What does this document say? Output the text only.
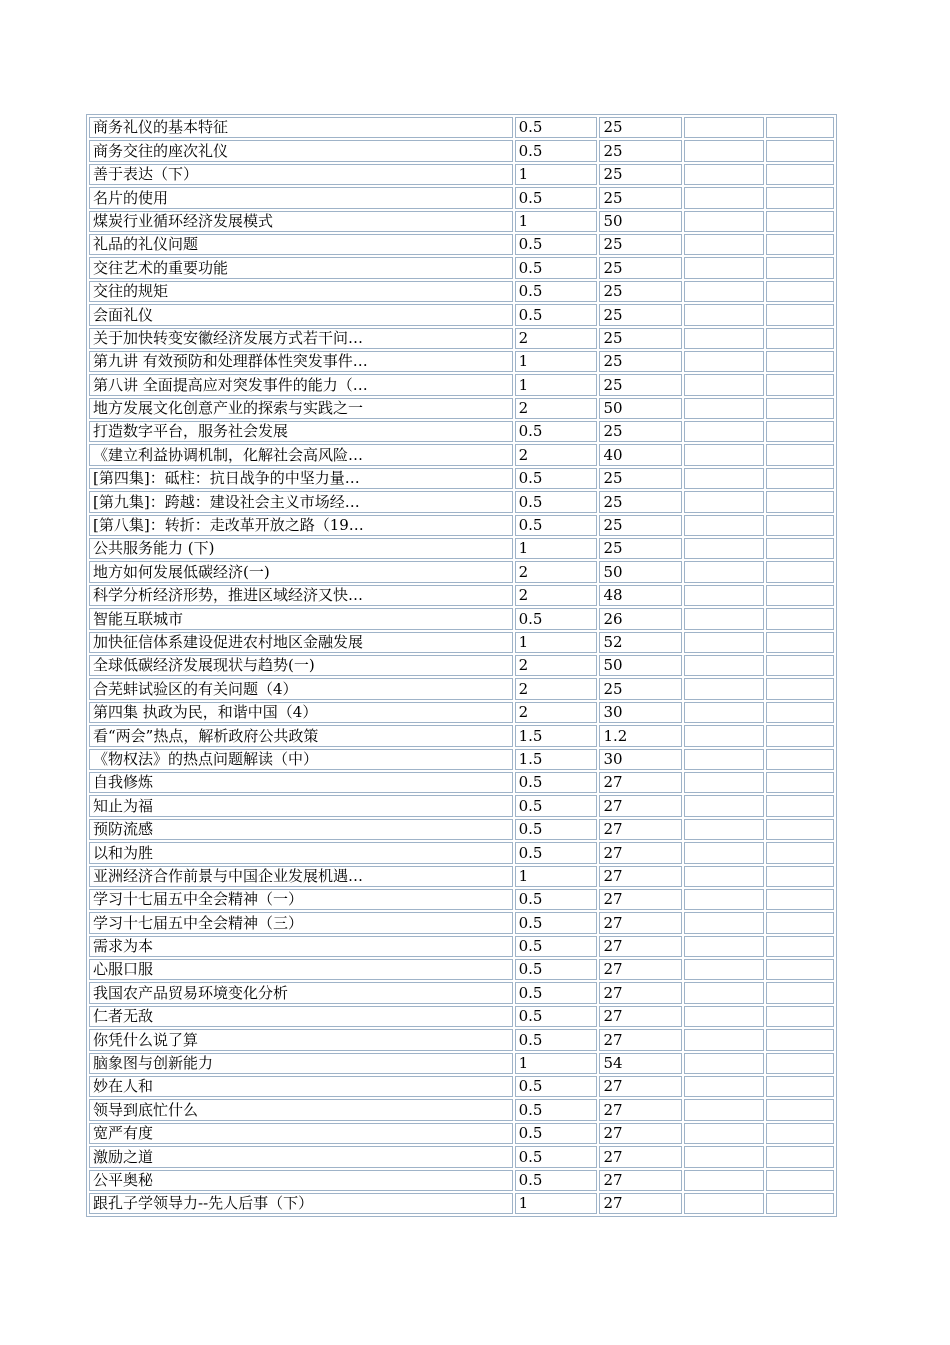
商务礼仪的基本特征	0.5	25		
商务交往的座次礼仪	0.5	25		
善于表达（下）	1	25		
名片的使用	0.5	25		
煤炭行业循环经济发展模式	1	50		
礼品的礼仪问题	0.5	25		
交往艺术的重要功能	0.5	25		
交往的规矩	0.5	25		
会面礼仪	0.5	25		
关于加快转变安徽经济发展方式若干问…	2	25		
第九讲 有效预防和处理群体性突发事件…	1	25		
第八讲 全面提高应对突发事件的能力（…	1	25		
地方发展文化创意产业的探索与实践之一	2	50		
打造数字平台，服务社会发展	0.5	25		
《建立利益协调机制，化解社会高风险…	2	40		
[第四集]：砥柱：抗日战争的中坚力量…	0.5	25		
[第九集]：跨越：建设社会主义市场经…	0.5	25		
[第八集]：转折：走改革开放之路（19…	0.5	25		
公共服务能力 (下)	1	25		
地方如何发展低碳经济(一)	2	50		
科学分析经济形势，推进区域经济又快…	2	48		
智能互联城市	0.5	26		
加快征信体系建设促进农村地区金融发展	1	52		
全球低碳经济发展现状与趋势(一)	2	50		
合芜蚌试验区的有关问题（4）	2	25		
第四集 执政为民，和谐中国（4）	2	30		
看“两会”热点，解析政府公共政策	1.5	1.2		
《物权法》的热点问题解读（中）	1.5	30		
自我修炼	0.5	27		
知止为福	0.5	27		
预防流感	0.5	27		
以和为胜	0.5	27		
亚洲经济合作前景与中国企业发展机遇…	1	27		
学习十七届五中全会精神（一）	0.5	27		
学习十七届五中全会精神（三）	0.5	27		
需求为本	0.5	27		
心服口服	0.5	27		
我国农产品贸易环境变化分析	0.5	27		
仁者无敌	0.5	27		
你凭什么说了算	0.5	27		
脑象图与创新能力	1	54		
妙在人和	0.5	27		
领导到底忙什么	0.5	27		
宽严有度	0.5	27		
激励之道	0.5	27		
公平奥秘	0.5	27		
跟孔子学领导力--先人后事（下）	1	27		
